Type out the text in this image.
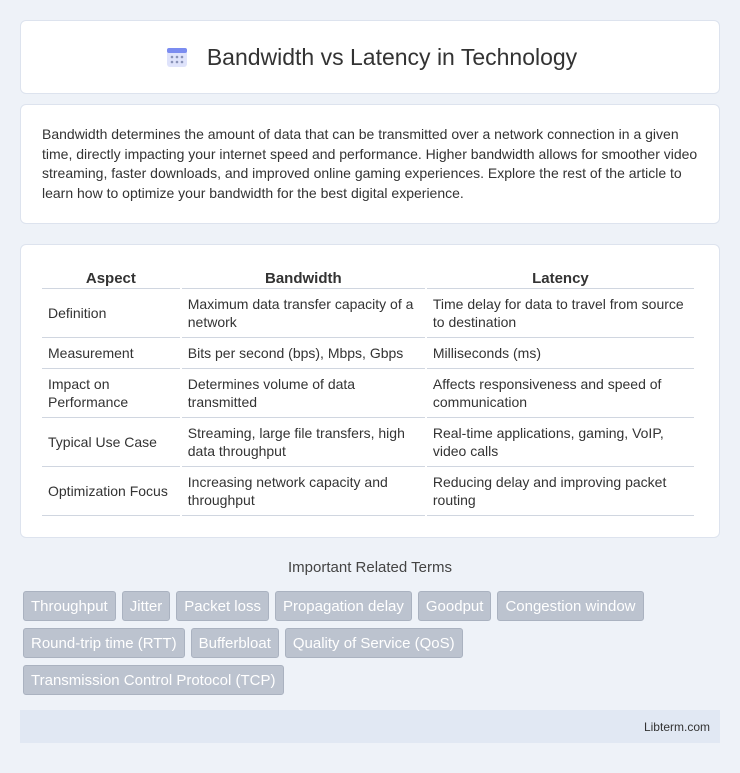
Bandwidth vs Latency in Technology

Bandwidth determines the amount of data that can be transmitted over a network connection in a given time, directly impacting your internet speed and performance. Higher bandwidth allows for smoother video streaming, faster downloads, and improved online gaming experiences. Explore the rest of the article to learn how to optimize your bandwidth for the best digital experience.

Aspect	Bandwidth	Latency
Definition	Maximum data transfer capacity of a network	Time delay for data to travel from source to destination
Measurement	Bits per second (bps), Mbps, Gbps	Milliseconds (ms)
Impact on Performance	Determines volume of data transmitted	Affects responsiveness and speed of communication
Typical Use Case	Streaming, large file transfers, high data throughput	Real-time applications, gaming, VoIP, video calls
Optimization Focus	Increasing network capacity and throughput	Reducing delay and improving packet routing
Important Related Terms
Throughput	Jitter	Packet loss	Propagation delay	Goodput	Congestion window
Round-trip time (RTT)	Bufferbloat	Quality of Service (QoS)
Transmission Control Protocol (TCP)
Libterm.com
